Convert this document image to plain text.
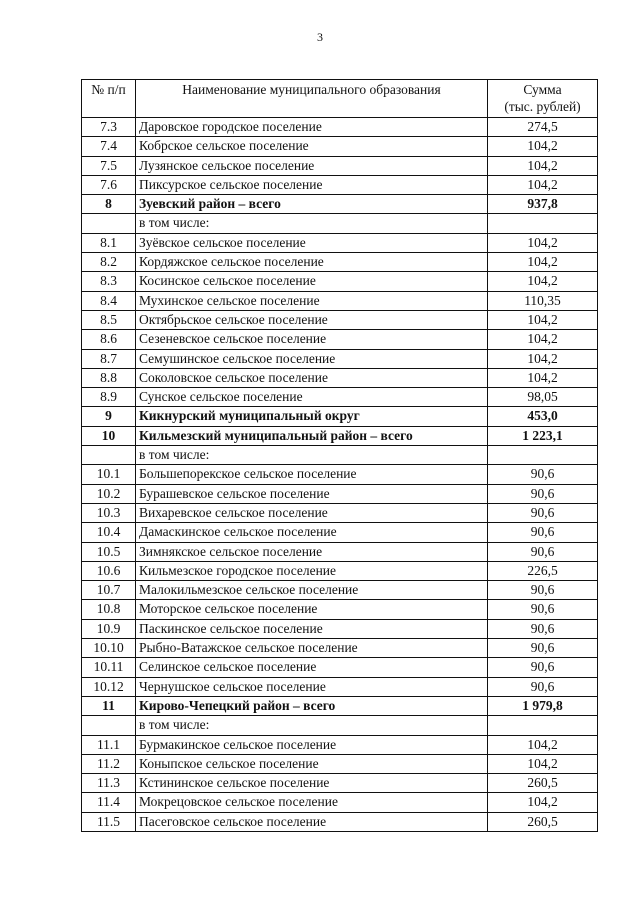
3
№ п/п	Наименование муниципального образования	Сумма
(тыс. рублей)

7.3	Даровское городское поселение	274,5
7.4	Кобрское сельское поселение	104,2
7.5	Лузянское сельское поселение	104,2
7.6	Пиксурское сельское поселение	104,2
8	Зуевский район – всего	937,8
	в том числе:	
8.1	Зуёвское сельское поселение	104,2
8.2	Кордяжское сельское поселение	104,2
8.3	Косинское сельское поселение	104,2
8.4	Мухинское сельское поселение	110,35
8.5	Октябрьское сельское поселение	104,2
8.6	Сезеневское сельское поселение	104,2
8.7	Семушинское сельское поселение	104,2
8.8	Соколовское сельское поселение	104,2
8.9	Сунское сельское поселение	98,05
9	Кикнурский муниципальный округ	453,0
10	Кильмезский муниципальный район – всего	1 223,1
	в том числе:	
10.1	Большепорекское сельское поселение	90,6
10.2	Бурашевское сельское поселение	90,6
10.3	Вихаревское сельское поселение	90,6
10.4	Дамаскинское сельское поселение	90,6
10.5	Зимнякское сельское поселение	90,6
10.6	Кильмезское городское поселение	226,5
10.7	Малокильмезское сельское поселение	90,6
10.8	Моторское сельское поселение	90,6
10.9	Паскинское сельское поселение	90,6
10.10	Рыбно-Ватажское сельское поселение	90,6
10.11	Селинское сельское поселение	90,6
10.12	Чернушское сельское поселение	90,6
11	Кирово-Чепецкий район – всего	1 979,8
	в том числе:	
11.1	Бурмакинское сельское поселение	104,2
11.2	Коныпское сельское поселение	104,2
11.3	Кстининское сельское поселение	260,5
11.4	Мокрецовское сельское поселение	104,2
11.5	Пасеговское сельское поселение	260,5
